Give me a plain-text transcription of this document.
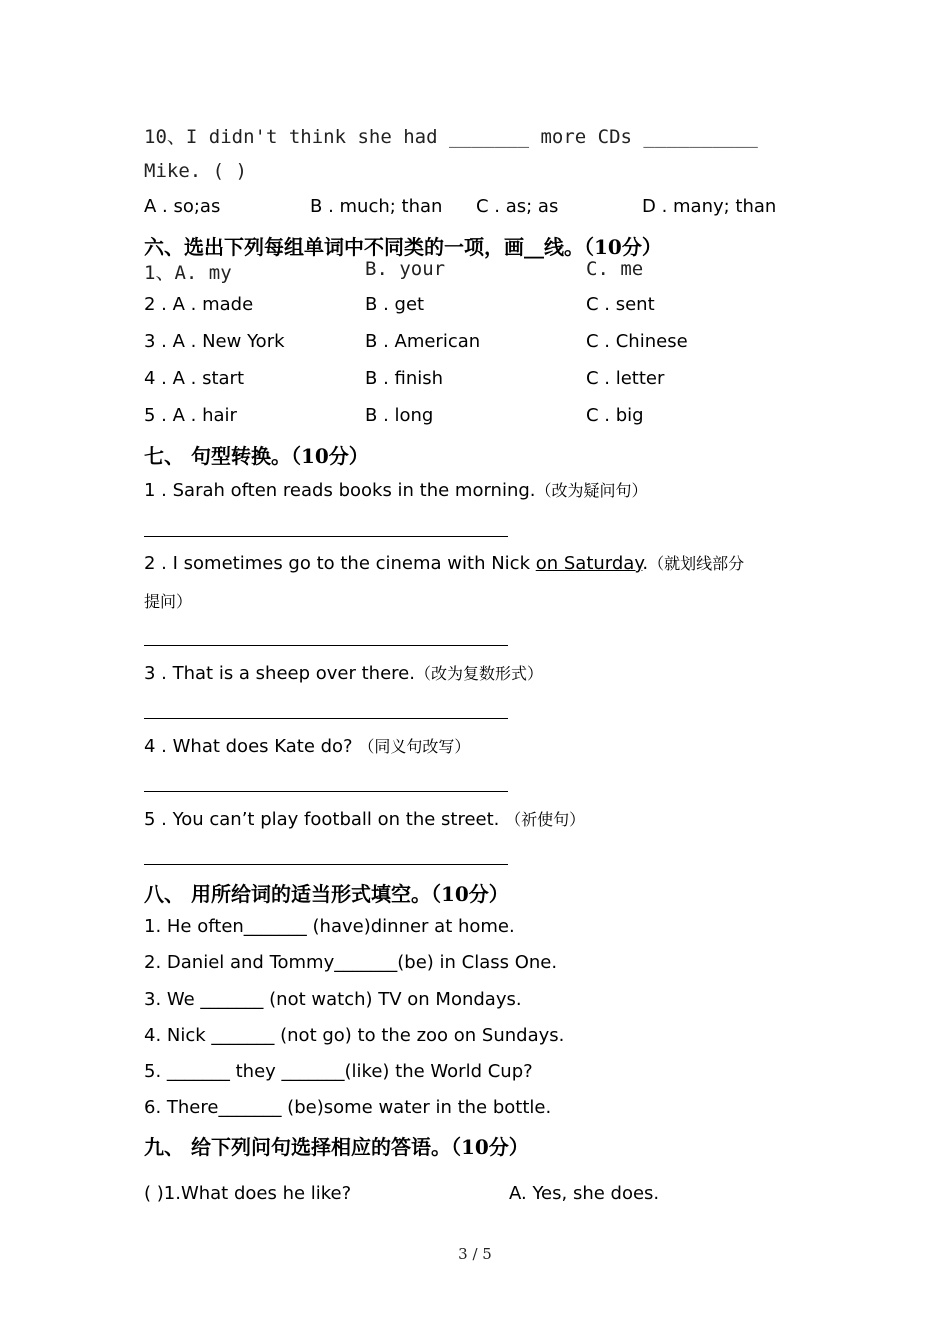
10、I didn't think she had _______ more CDs __________
Mike. ( )
A . so;as	B . much; than C . as; as	D . many; than
六、选出下列每组单词中不同类的一项，画__线。（10分）
1、A. my	B. your	C. me
2 . A . made	B . get	C . sent
3 . A . New York	B . American	C . Chinese
4 . A . start	B . finish	C . letter
5 . A . hair	B . long	C . big
七、 句型转换。（10分）
1 . Sarah often reads books in the morning.（改为疑问句）
2 . I sometimes go to the cinema with Nick on Saturday.（就划线部分
提问）
3 . That is a sheep over there.（改为复数形式）
4 . What does Kate do? （同义句改写）
5 . You can’t play football on the street. （祈使句）
八、 用所给词的适当形式填空。（10分）
1. He often_______ (have)dinner at home.
2. Daniel and Tommy_______(be) in Class One.
3. We _______ (not watch) TV on Mondays.
4. Nick _______ (not go) to the zoo on Sundays.
5. _______ they _______(like) the World Cup?
6. There_______ (be)some water in the bottle.
九、 给下列问句选择相应的答语。（10分）
( )1.What does he like?	A. Yes, she does.
3 / 5
